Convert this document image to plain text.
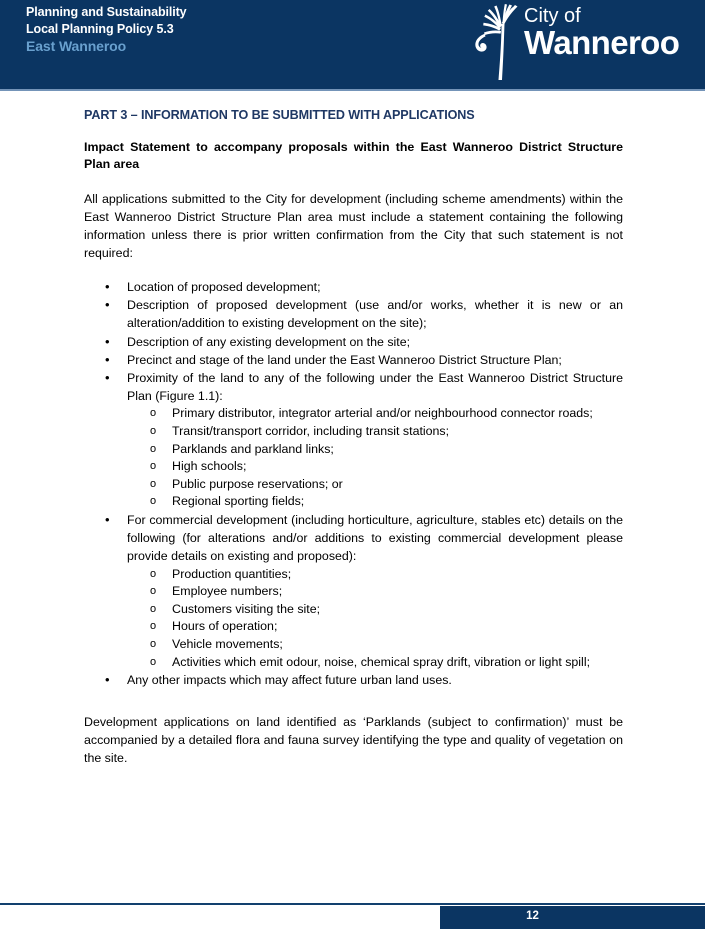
Planning and Sustainability
Local Planning Policy 5.3
East Wanneroo
City of
Wanneroo
PART 3 – INFORMATION TO BE SUBMITTED WITH APPLICATIONS
Impact Statement to accompany proposals within the East Wanneroo District Structure Plan area
All applications submitted to the City for development (including scheme amendments) within the East Wanneroo District Structure Plan area must include a statement containing the following information unless there is prior written confirmation from the City that such statement is not required:
• Location of proposed development;
• Description of proposed development (use and/or works, whether it is new or an alteration/addition to existing development on the site);
• Description of any existing development on the site;
• Precinct and stage of the land under the East Wanneroo District Structure Plan;
• Proximity of the land to any of the following under the East Wanneroo District Structure Plan (Figure 1.1):
o Primary distributor, integrator arterial and/or neighbourhood connector roads;
o Transit/transport corridor, including transit stations;
o Parklands and parkland links;
o High schools;
o Public purpose reservations; or
o Regional sporting fields;
• For commercial development (including horticulture, agriculture, stables etc) details on the following (for alterations and/or additions to existing commercial development please provide details on existing and proposed):
o Production quantities;
o Employee numbers;
o Customers visiting the site;
o Hours of operation;
o Vehicle movements;
o Activities which emit odour, noise, chemical spray drift, vibration or light spill;
• Any other impacts which may affect future urban land uses.
Development applications on land identified as ‘Parklands (subject to confirmation)’ must be accompanied by a detailed flora and fauna survey identifying the type and quality of vegetation on the site.
12
